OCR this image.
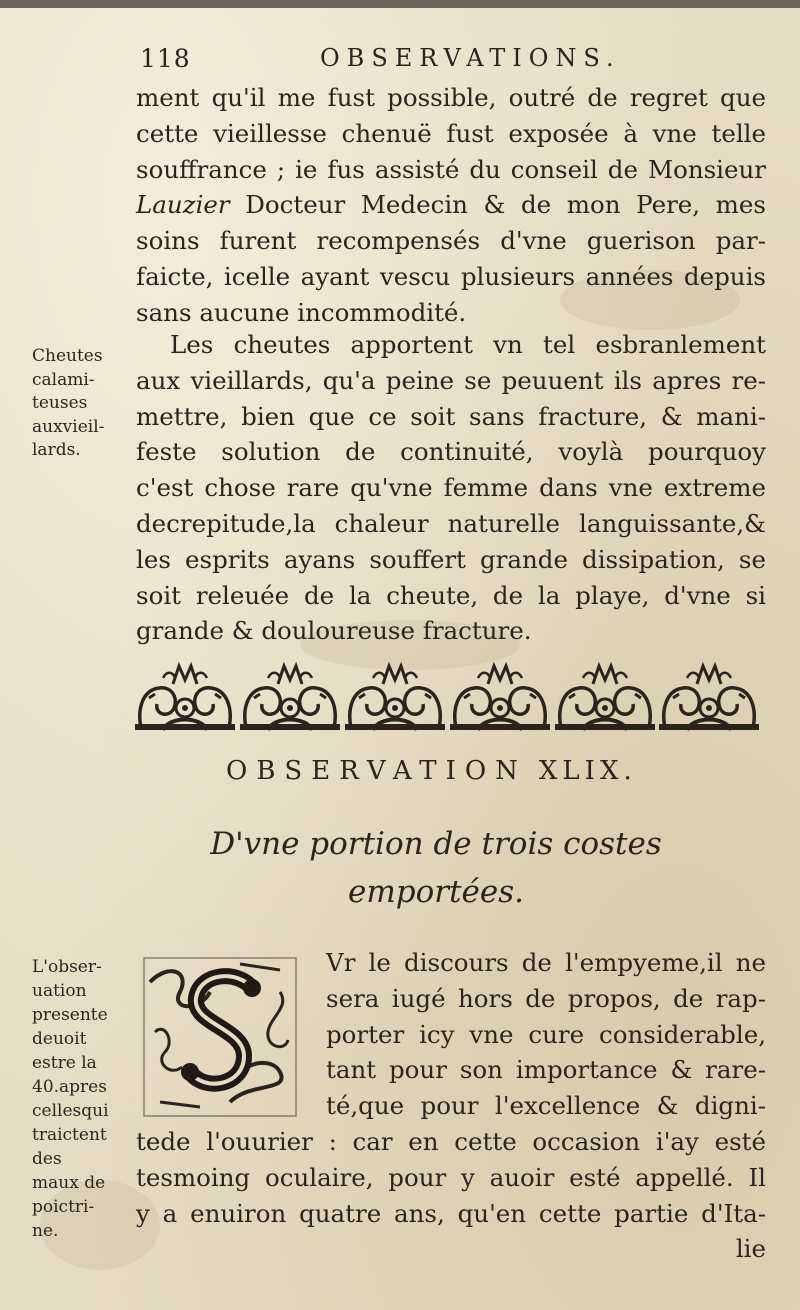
118	OBSERVATIONS.
ment qu'il me fust possible, outré de regret que
cette vieillesse chenuë fust exposée à vne telle
souffrance ; ie fus assisté du conseil de Monsieur
Lauzier Docteur Medecin & de mon Pere, mes
soins furent recompensés d'vne guerison par-
faicte, icelle ayant vescu plusieurs années depuis
sans aucune incommodité.
Les cheutes apportent vn tel esbranlement
aux vieillards, qu'a peine se peuuent ils apres re-
mettre, bien que ce soit sans fracture, & mani-
feste solution de continuité, voylà pourquoy
c'est chose rare qu'vne femme dans vne extreme
decrepitude,la chaleur naturelle languissante,&
les esprits ayans souffert grande dissipation, se
soit releuée de la cheute, de la playe, d'vne si
grande & douloureuse fracture.
Cheutes
calami-
teuses
auxvieil-
lards.
OBSERVATION XLIX.
D'vne portion de trois costes
emportées.
Vr le discours de l'empyeme,il ne
sera iugé hors de propos, de rap-
porter icy vne cure considerable,
tant pour son importance & rare-
té,que pour l'excellence & digni-
tede l'ouurier : car en cette occasion i'ay esté
tesmoing oculaire, pour y auoir esté appellé. Il
y a enuiron quatre ans, qu'en cette partie d'Ita-
lie
L'obser-
uation
presente
deuoit
estre la
40.apres
cellesqui
traictent
des
maux de
poictri-
ne.
